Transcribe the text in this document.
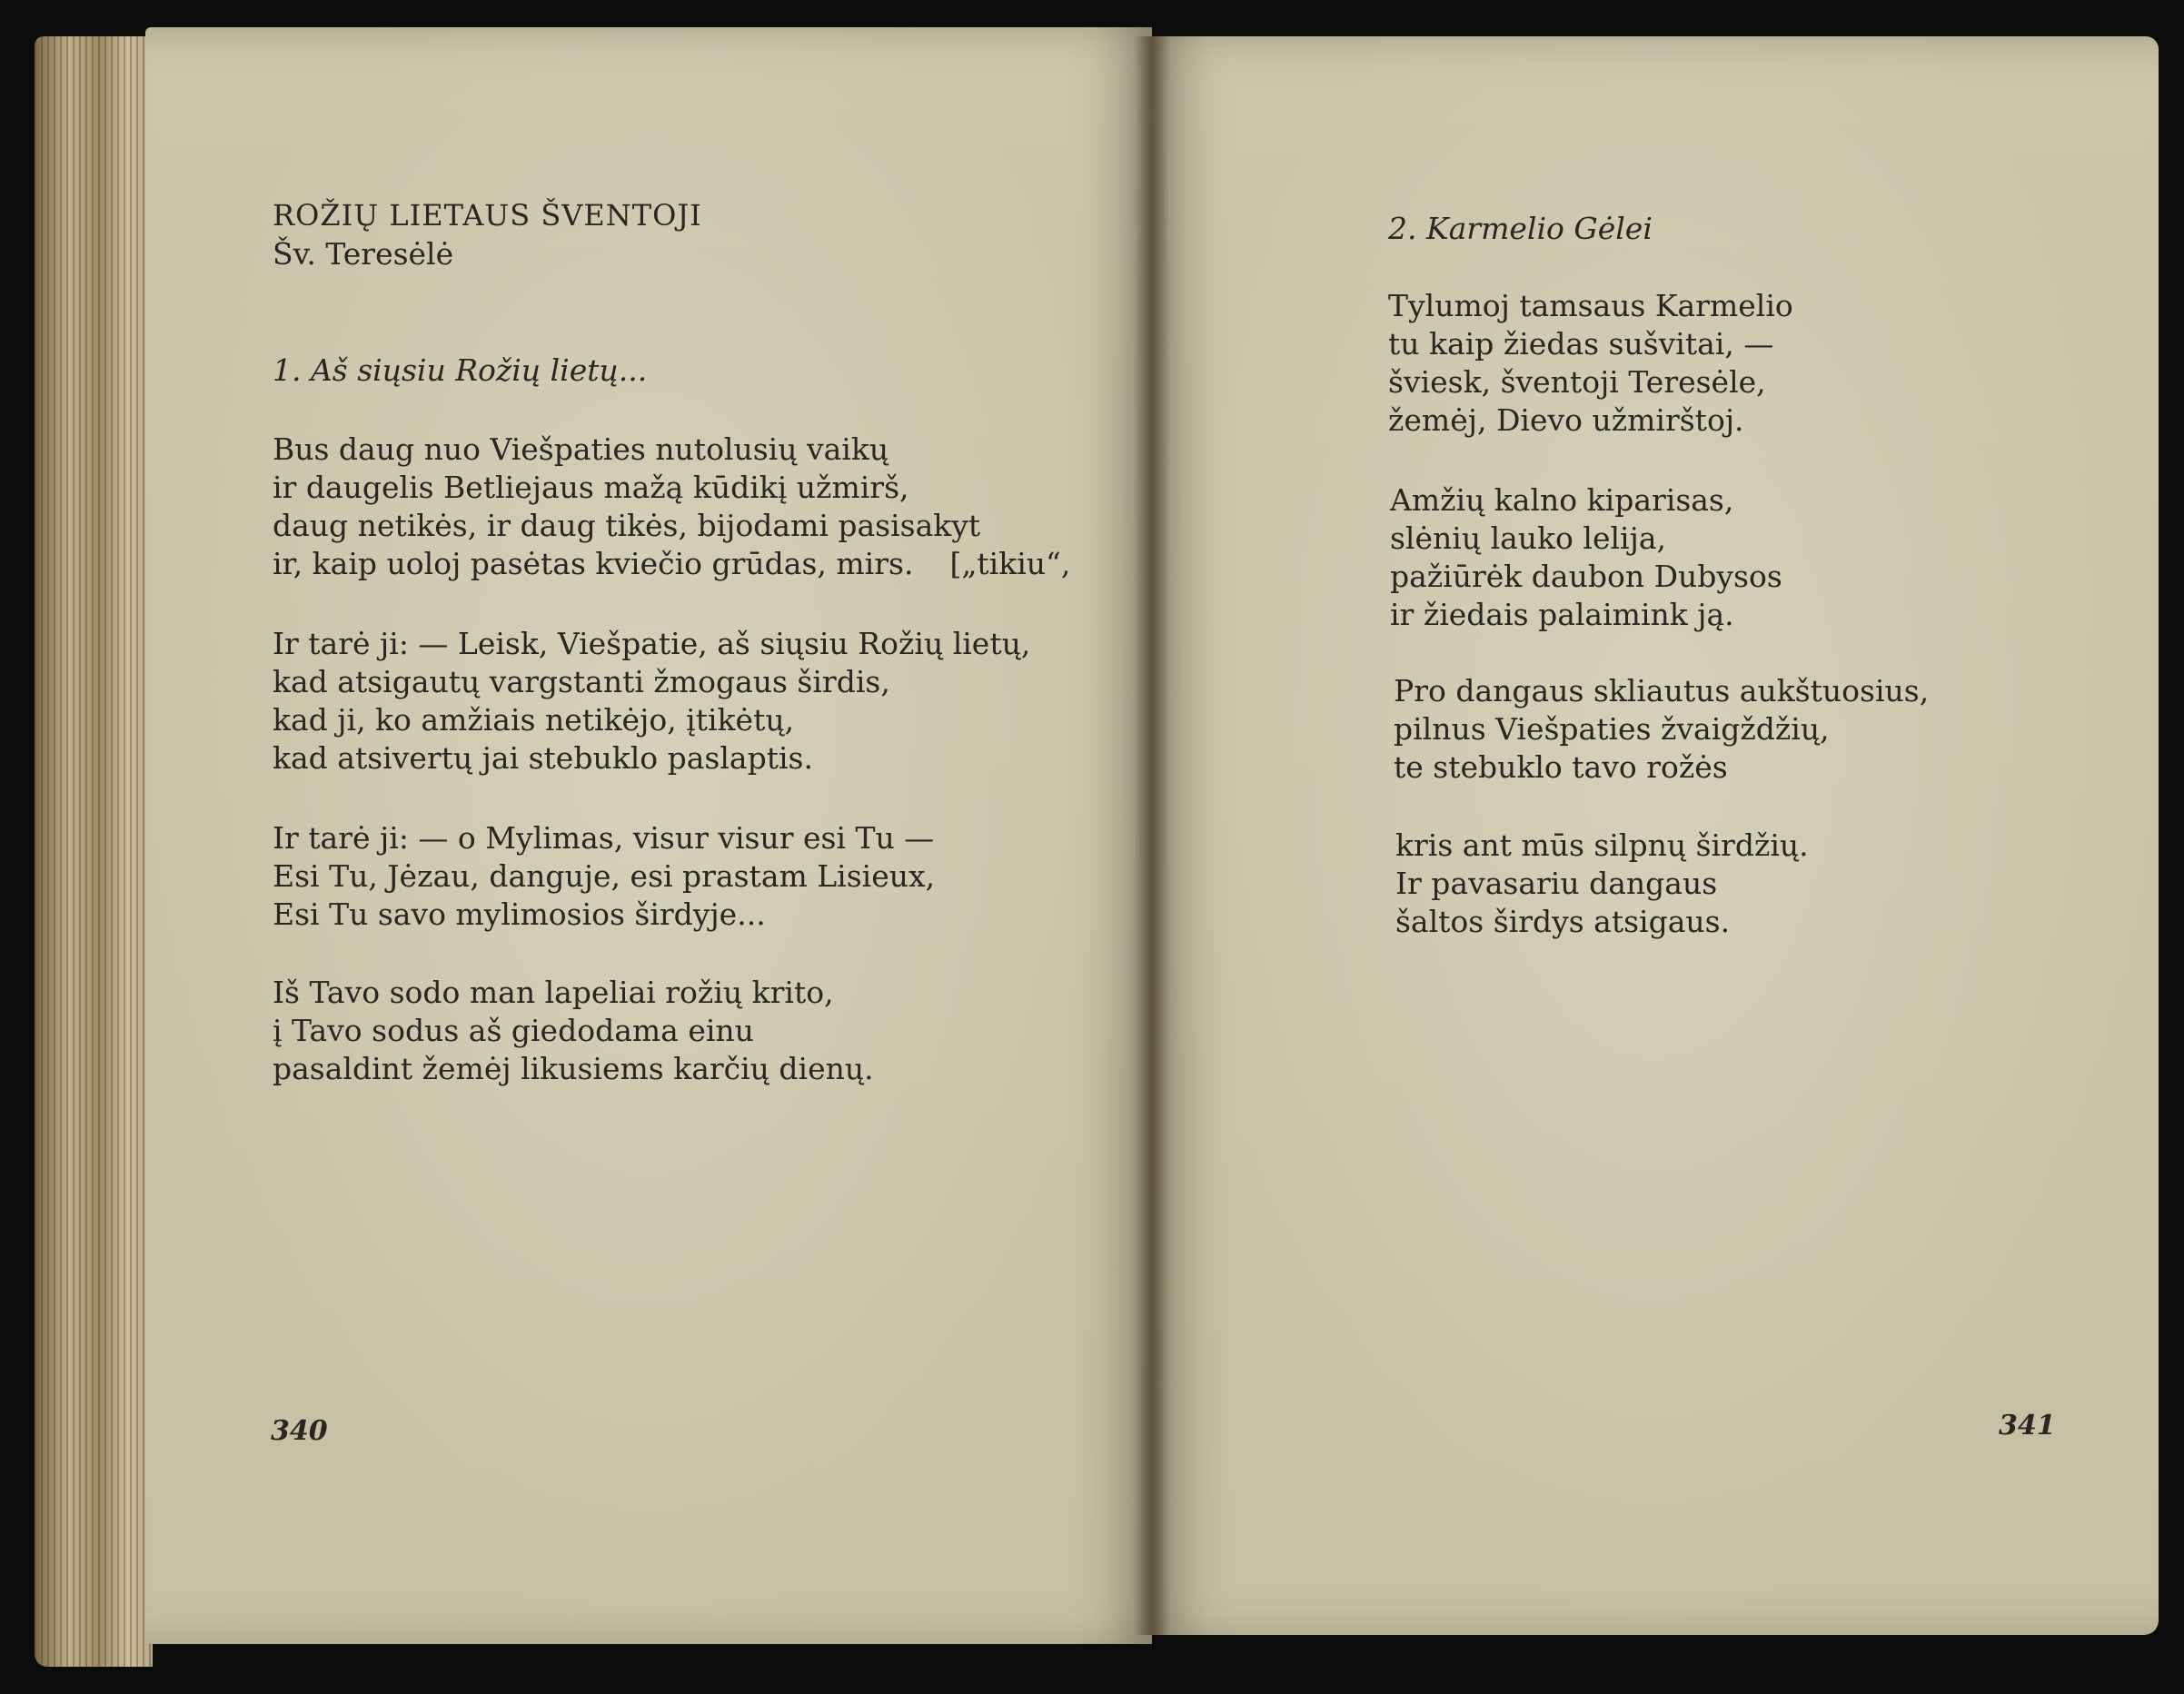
ROŽIŲ LIETAUS ŠVENTOJI
Šv. Teresėlė
1. Aš siųsiu Rožių lietų...
Bus daug nuo Viešpaties nutolusių vaikų
ir daugelis Betliejaus mažą kūdikį užmirš,
daug netikės, ir daug tikės, bijodami pasisakyt
ir, kaip uoloj pasėtas kviečio grūdas, mirs. [„tikiu“,
Ir tarė ji: — Leisk, Viešpatie, aš siųsiu Rožių lietų,
kad atsigautų vargstanti žmogaus širdis,
kad ji, ko amžiais netikėjo, įtikėtų,
kad atsivertų jai stebuklo paslaptis.
Ir tarė ji: — o Mylimas, visur visur esi Tu —
Esi Tu, Jėzau, danguje, esi prastam Lisieux,
Esi Tu savo mylimosios širdyje...
Iš Tavo sodo man lapeliai rožių krito,
į Tavo sodus aš giedodama einu
pasaldint žemėj likusiems karčių dienų.
340
2. Karmelio Gėlei
Tylumoj tamsaus Karmelio
tu kaip žiedas sušvitai, —
šviesk, šventoji Teresėle,
žemėj, Dievo užmirštoj.
Amžių kalno kiparisas,
slėnių lauko lelija,
pažiūrėk daubon Dubysos
ir žiedais palaimink ją.
Pro dangaus skliautus aukštuosius,
pilnus Viešpaties žvaigždžių,
te stebuklo tavo rožės
kris ant mūs silpnų širdžių.
Ir pavasariu dangaus
šaltos širdys atsigaus.
341
